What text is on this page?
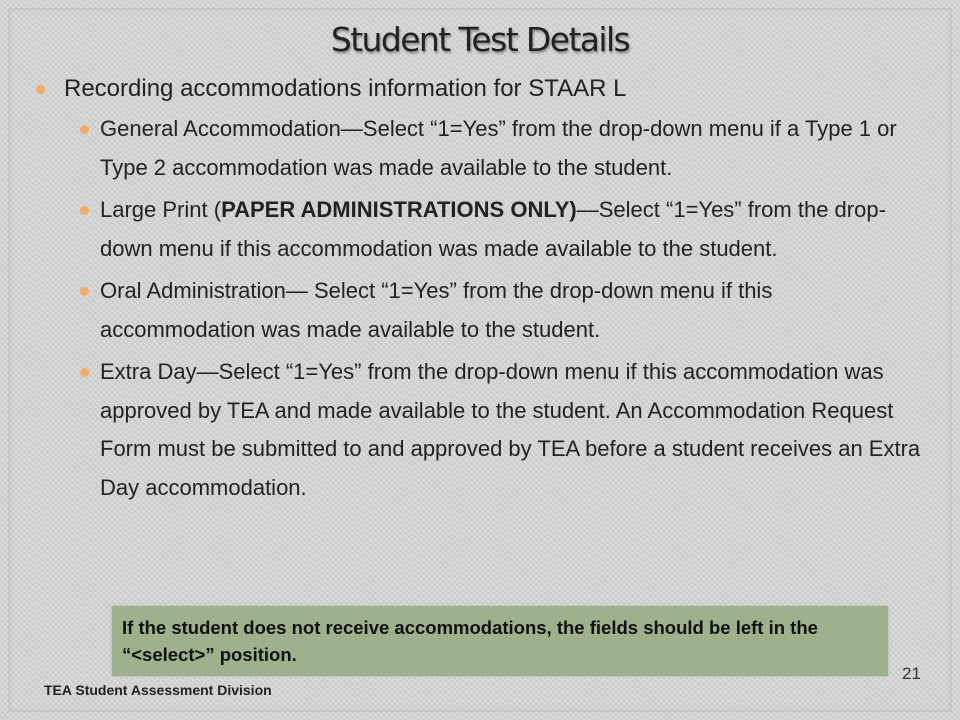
Student Test Details
Recording accommodations information for STAAR L
General Accommodation—Select “1=Yes” from the drop-down menu if a Type 1 or Type 2 accommodation was made available to the student.
Large Print (PAPER ADMINISTRATIONS ONLY)—Select “1=Yes” from the drop-down menu if this accommodation was made available to the student.
Oral Administration— Select “1=Yes” from the drop-down menu if this accommodation was made available to the student.
Extra Day—Select “1=Yes” from the drop-down menu if this accommodation was approved by TEA and made available to the student. An Accommodation Request Form must be submitted to and approved by TEA before a student receives an Extra Day accommodation.
If the student does not receive accommodations, the fields should be left in the “<select>” position.
21
TEA Student Assessment Division
